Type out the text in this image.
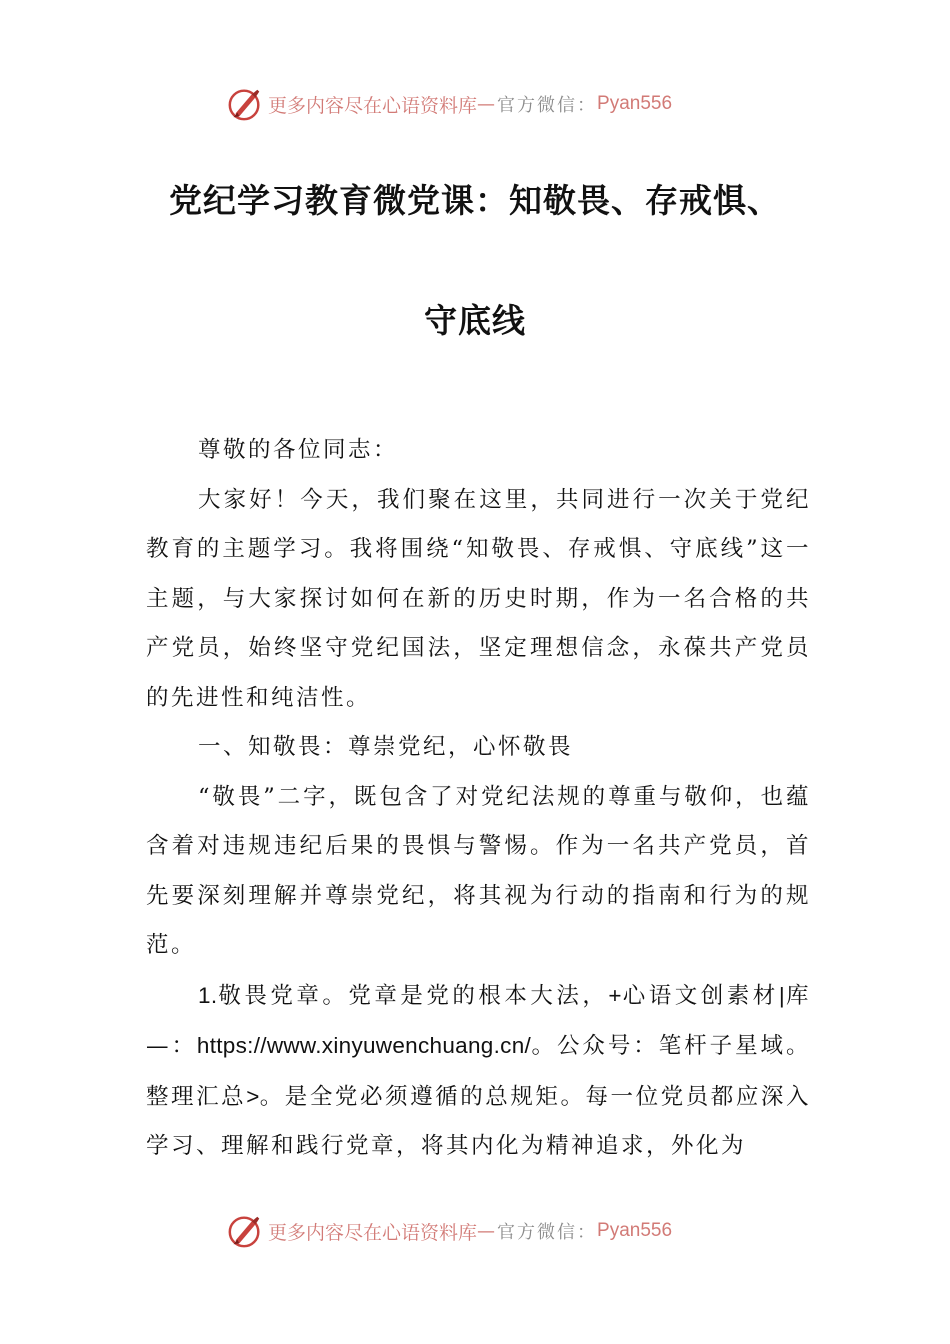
更多内容尽在心语资料库 — 官方微信： Pyan556
党纪学习教育微党课：知敬畏、存戒惧、
守底线

尊敬的各位同志：

大家好！今天，我们聚在这里，共同进行一次关于党纪教育的主题学习。我将围绕“知敬畏、存戒惧、守底线”这一主题，与大家探讨如何在新的历史时期，作为一名合格的共产党员，始终坚守党纪国法，坚定理想信念，永葆共产党员的先进性和纯洁性。

一、知敬畏：尊崇党纪，心怀敬畏

“敬畏”二字，既包含了对党纪法规的尊重与敬仰，也蕴含着对违规违纪后果的畏惧与警惕。作为一名共产党员，首先要深刻理解并尊崇党纪，将其视为行动的指南和行为的规范。

1.敬畏党章。党章是党的根本大法，+心语文创素材|库—：https://www.xinyuwenchuang.cn/。公众号：笔杆子星域。整理汇总>。是全党必须遵循的总规矩。每一位党员都应深入学习、理解和践行党章，将其内化为精神追求，外化为

更多内容尽在心语资料库 — 官方微信： Pyan556
